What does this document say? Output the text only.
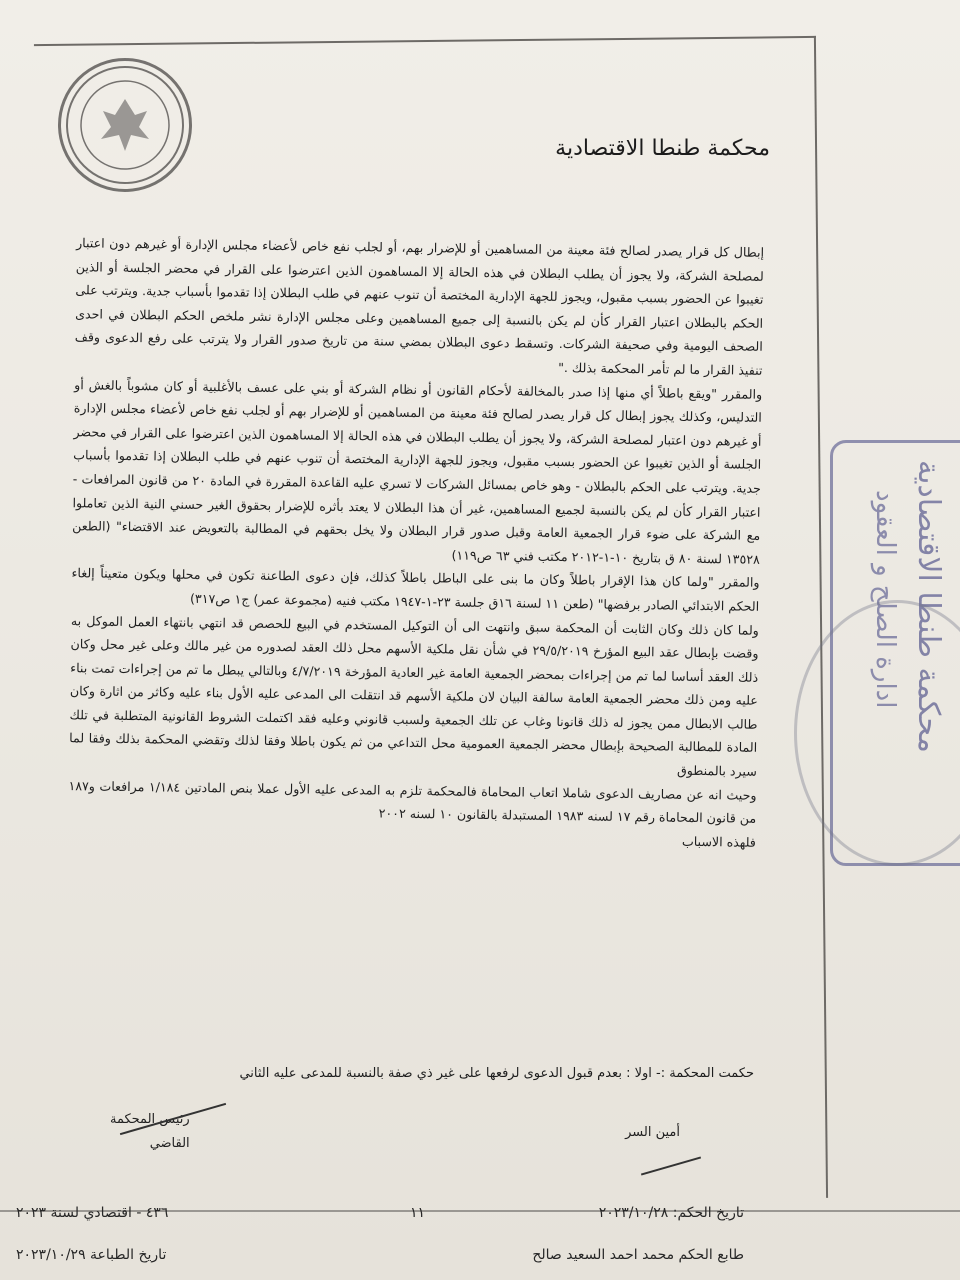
محكمة طنطا الاقتصادية

إبطال كل قرار يصدر لصالح فئة معينة من المساهمين أو للإضرار بهم، أو لجلب نفع خاص لأعضاء مجلس الإدارة أو غيرهم دون اعتبار لمصلحة الشركة، ولا يجوز أن يطلب البطلان في هذه الحالة إلا المساهمون الذين اعترضوا على القرار في محضر الجلسة أو الذين تغيبوا عن الحضور بسبب مقبول، ويجوز للجهة الإدارية المختصة أن تنوب عنهم في طلب البطلان إذا تقدموا بأسباب جدية. ويترتب على الحكم بالبطلان اعتبار القرار كأن لم يكن بالنسبة إلى جميع المساهمين وعلى مجلس الإدارة نشر ملخص الحكم البطلان في احدى الصحف اليومية وفي صحيفة الشركات. وتسقط دعوى البطلان بمضي سنة من تاريخ صدور القرار ولا يترتب على رفع الدعوى وقف تنفيذ القرار ما لم تأمر المحكمة بذلك ."

والمقرر "ويقع باطلاً أي منها إذا صدر بالمخالفة لأحكام القانون أو نظام الشركة أو بني على عسف بالأغلبية أو كان مشوباً بالغش أو التدليس، وكذلك يجوز إبطال كل قرار يصدر لصالح فئة معينة من المساهمين أو للإضرار بهم أو لجلب نفع خاص لأعضاء مجلس الإدارة أو غيرهم دون اعتبار لمصلحة الشركة، ولا يجوز أن يطلب البطلان في هذه الحالة إلا المساهمون الذين اعترضوا على القرار في محضر الجلسة أو الذين تغيبوا عن الحضور بسبب مقبول، ويجوز للجهة الإدارية المختصة أن تنوب عنهم في طلب البطلان إذا تقدموا بأسباب جدية. ويترتب على الحكم بالبطلان - وهو خاص بمسائل الشركات لا تسري عليه القاعدة المقررة في المادة ٢٠ من قانون المرافعات - اعتبار القرار كأن لم يكن بالنسبة لجميع المساهمين، غير أن هذا البطلان لا يعتد بأثره للإضرار بحقوق الغير حسني النية الذين تعاملوا مع الشركة على ضوء قرار الجمعية العامة وقبل صدور قرار البطلان ولا يخل بحقهم في المطالبة بالتعويض عند الاقتضاء" (الطعن ١٣٥٢٨ لسنة ٨٠ ق بتاريخ ١٠-١-٢٠١٢ مكتب فني ٦٣ ص١١٩)

والمقرر "ولما كان هذا الإقرار باطلاً وكان ما بنى على الباطل باطلاً كذلك، فإن دعوى الطاعنة تكون في محلها ويكون متعيناً إلغاء الحكم الابتدائي الصادر برفضها" (طعن ١١ لسنة ١٦ق جلسة ٢٣-١-١٩٤٧ مكتب فنيه (مجموعة عمر) ج١ ص٣١٧)

ولما كان ذلك وكان الثابت أن المحكمة سبق وانتهت الى أن التوكيل المستخدم في البيع للحصص قد انتهي بانتهاء العمل الموكل به وقضت بإبطال عقد البيع المؤرخ ٢٩/٥/٢٠١٩ في شأن نقل ملكية الأسهم محل ذلك العقد لصدوره من غير مالك وعلى غير محل وكان ذلك العقد أساسا لما تم من إجراءات بمحضر الجمعية العامة غير العادية المؤرخة ٤/٧/٢٠١٩ وبالتالي يبطل ما تم من إجراءات تمت بناء عليه ومن ذلك محضر الجمعية العامة سالفة البيان لان ملكية الأسهم قد انتقلت الى المدعى عليه الأول بناء عليه وكاثر من اثارة وكان طالب الابطال ممن يجوز له ذلك قانونا وغاب عن تلك الجمعية ولسبب قانوني وعليه فقد اكتملت الشروط القانونية المتطلبة في تلك المادة للمطالبة الصحيحة بإبطال محضر الجمعية العمومية محل التداعي من ثم يكون باطلا وفقا لذلك وتقضي المحكمة بذلك وفقا لما سيرد بالمنطوق

وحيث انه عن مصاريف الدعوى شاملا اتعاب المحاماة فالمحكمة تلزم به المدعى عليه الأول عملا بنص المادتين ١/١٨٤ مرافعات و١٨٧ من قانون المحاماة رقم ١٧ لسنه ١٩٨٣ المستبدلة بالقانون ١٠ لسنه ٢٠٠٢

فلهذه الاسباب

حكمت المحكمة :- اولا : بعدم قبول الدعوى لرفعها على غير ذي صفة بالنسبة للمدعى عليه الثاني
أمين السر
رئيس المحكمة
القاضي
محكمة طنطا الاقتصادية
ادارة الصلح و العقود
تاريخ الحكم: ٢٠٢٣/١٠/٢٨
١١
٤٣٦ - اقتصادي لسنة ٢٠٢٣
طابع الحكم محمد احمد السعيد صالح
تاريخ الطباعة ٢٠٢٣/١٠/٢٩
